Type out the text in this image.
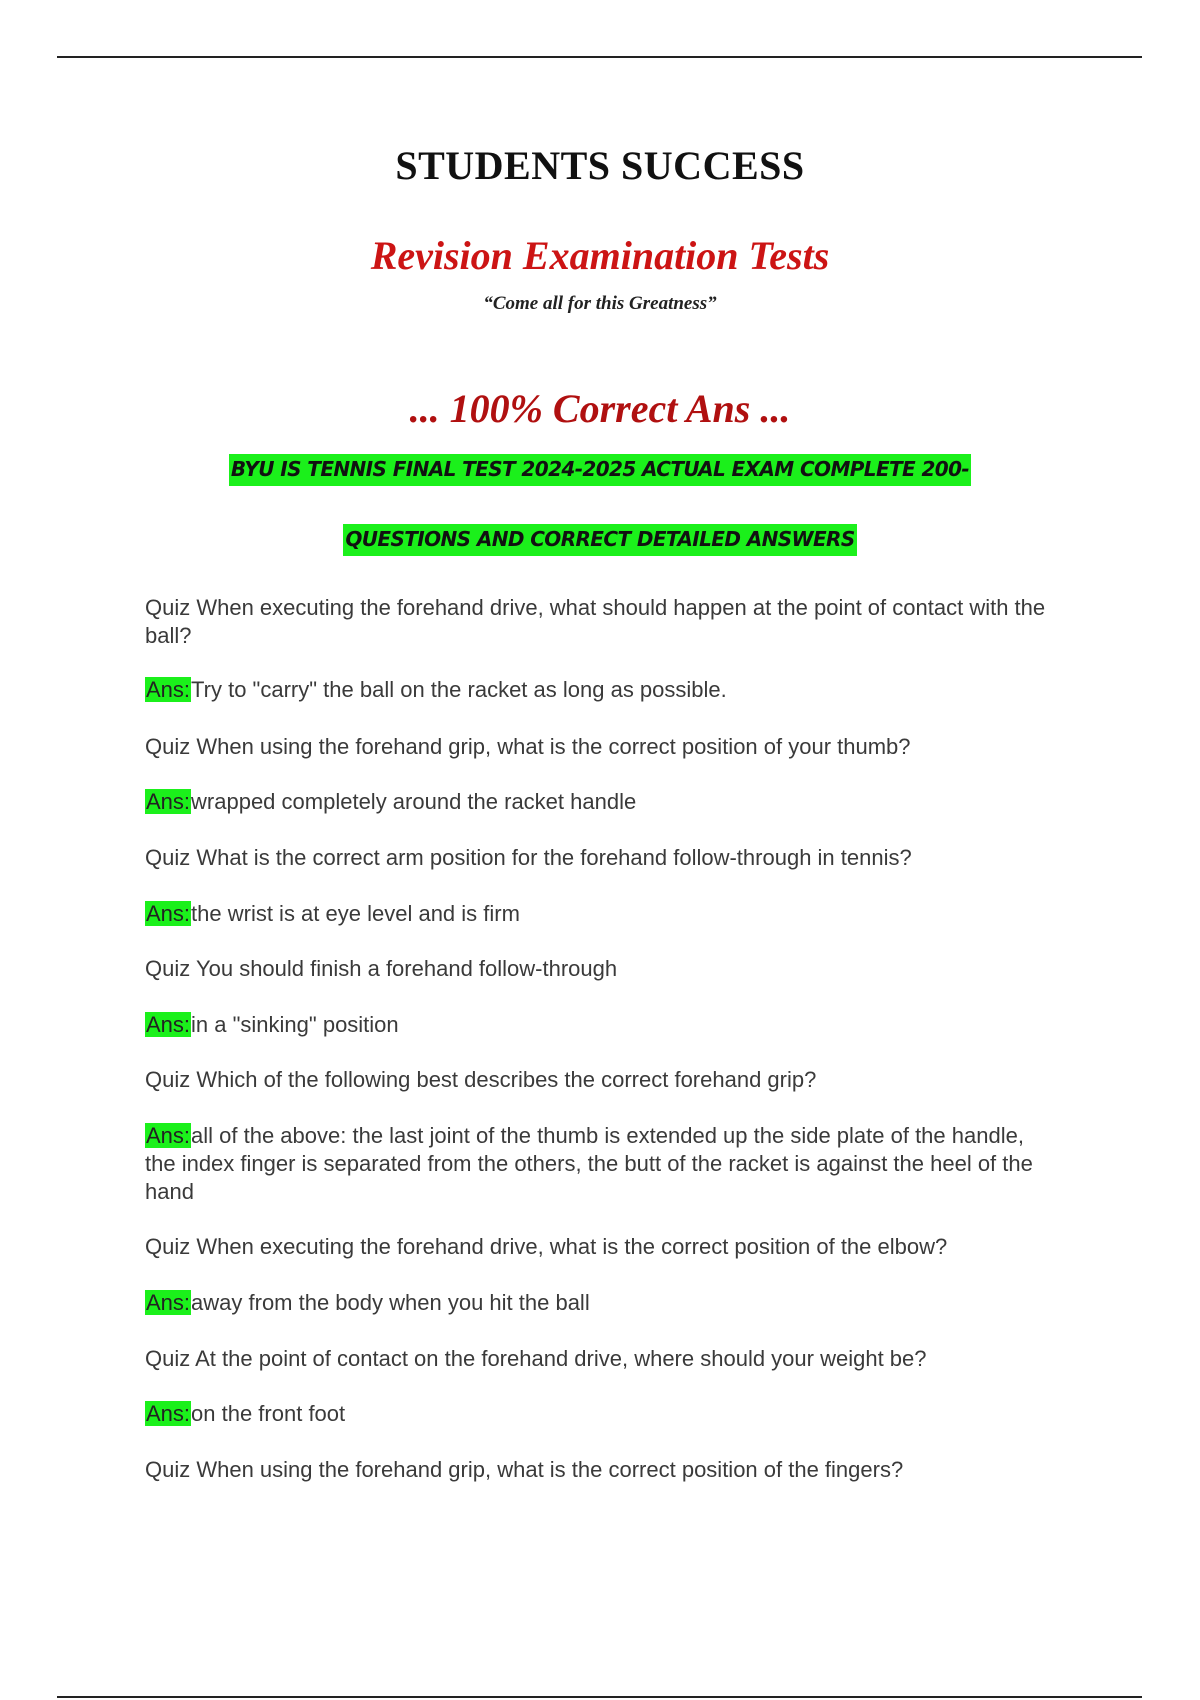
STUDENTS SUCCESS
Revision Examination Tests
“Come all for this Greatness”
... 100% Correct Ans ...
BYU IS TENNIS FINAL TEST 2024-2025 ACTUAL EXAM COMPLETE 200-
QUESTIONS AND CORRECT DETAILED ANSWERS
Quiz When executing the forehand drive, what should happen at the point of contact with the ball?
Ans:Try to "carry" the ball on the racket as long as possible.
Quiz When using the forehand grip, what is the correct position of your thumb?
Ans:wrapped completely around the racket handle
Quiz What is the correct arm position for the forehand follow-through in tennis?
Ans:the wrist is at eye level and is firm
Quiz You should finish a forehand follow-through
Ans:in a "sinking" position
Quiz Which of the following best describes the correct forehand grip?
Ans:all of the above: the last joint of the thumb is extended up the side plate of the handle, the index finger is separated from the others, the butt of the racket is against the heel of the hand
Quiz When executing the forehand drive, what is the correct position of the elbow?
Ans:away from the body when you hit the ball
Quiz At the point of contact on the forehand drive, where should your weight be?
Ans:on the front foot
Quiz When using the forehand grip, what is the correct position of the fingers?
